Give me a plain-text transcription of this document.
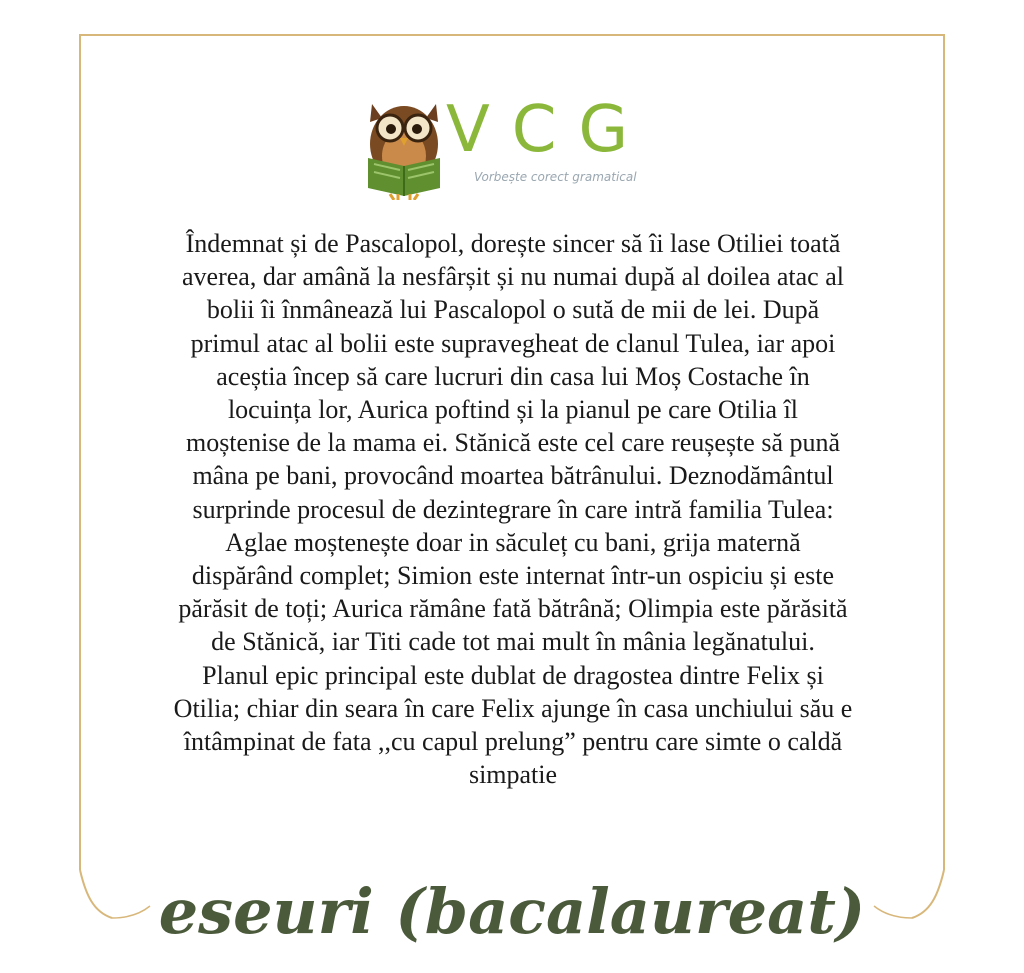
VCG
Vorbește corect gramatical

Îndemnat și de Pascalopol, dorește sincer să îi lase Otiliei toată
averea, dar amână la nesfârșit și nu numai după al doilea atac al
bolii îi înmânează lui Pascalopol o sută de mii de lei. După
primul atac al bolii este supravegheat de clanul Tulea, iar apoi
aceștia încep să care lucruri din casa lui Moș Costache în
locuința lor, Aurica poftind și la pianul pe care Otilia îl
moștenise de la mama ei. Stănică este cel care reușește să pună
mâna pe bani, provocând moartea bătrânului. Deznodământul
surprinde procesul de dezintegrare în care intră familia Tulea:
Aglae moștenește doar in săculeț cu bani, grija maternă
dispărând complet; Simion este internat într-un ospiciu și este
părăsit de toți; Aurica rămâne fată bătrână; Olimpia este părăsită
de Stănică, iar Titi cade tot mai mult în mânia legănatului.
Planul epic principal este dublat de dragostea dintre Felix și
Otilia; chiar din seara în care Felix ajunge în casa unchiului său e
întâmpinat de fata ,,cu capul prelung” pentru care simte o caldă
simpatie

eseuri (bacalaureat)
